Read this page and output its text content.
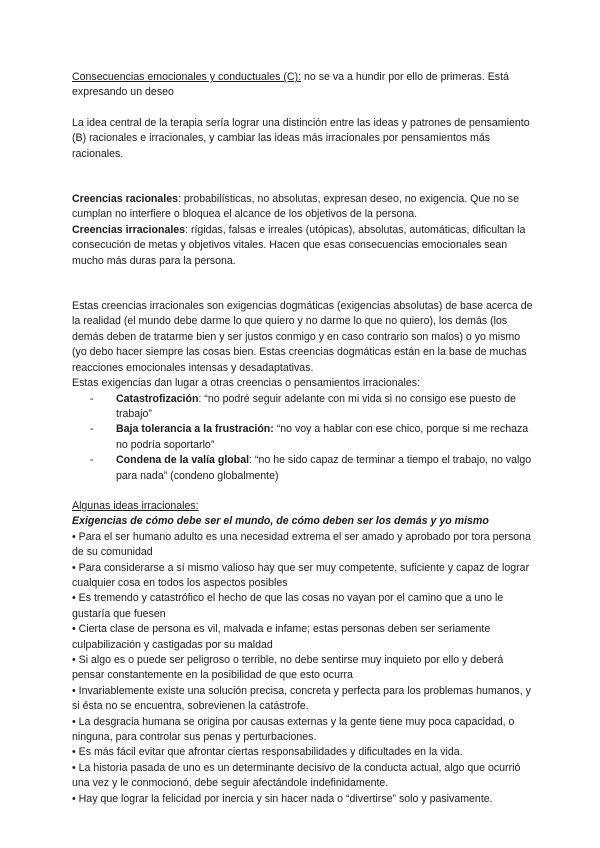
Consecuencias emocionales y conductuales (C): no se va a hundir por ello de primeras. Está expresando un deseo

La idea central de la terapia sería lograr una distinción entre las ideas y patrones de pensamiento (B) racionales e irracionales, y cambiar las ideas más irracionales por pensamientos más racionales.

Creencias racionales: probabilísticas, no absolutas, expresan deseo, no exigencia. Que no se cumplan no interfiere o bloquea el alcance de los objetivos de la persona.

Creencias irracionales: rígidas, falsas e irreales (utópicas), absolutas, automáticas, dificultan la consecución de metas y objetivos vitales. Hacen que esas consecuencias emocionales sean mucho más duras para la persona.

Estas creencias irracionales son exigencias dogmáticas (exigencias absolutas) de base acerca de la realidad (el mundo debe darme lo que quiero y no darme lo que no quiero), los demás (los demás deben de tratarme bien y ser justos conmigo y en caso contrario son malos) o yo mismo (yo debo hacer siempre las cosas bien. Estas creencias dogmáticas están en la base de muchas reacciones emocionales intensas y desadaptativas.

Estas exigencias dan lugar a otras creencias o pensamientos irracionales:

- Catastrofización: “no podré seguir adelante con mi vida si no consigo ese puesto de trabajo”
- Baja tolerancia a la frustración: “no voy a hablar con ese chico, porque si me rechaza no podría soportarlo”
- Condena de la valía global: “no he sido capaz de terminar a tiempo el trabajo, no valgo para nada” (condeno globalmente)

Algunas ideas irracionales:

Exigencias de cómo debe ser el mundo, de cómo deben ser los demás y yo mismo

• Para el ser humano adulto es una necesidad extrema el ser amado y aprobado por tora persona de su comunidad

• Para considerarse a sí mismo valioso hay que ser muy competente, suficiente y capaz de lograr cualquier cosa en todos los aspectos posibles

• Es tremendo y catastrófico el hecho de que las cosas no vayan por el camino que a uno le gustaría que fuesen

• Cierta clase de persona es vil, malvada e infame; estas personas deben ser seriamente culpabilización y castigadas por su maldad

• Si algo es o puede ser peligroso o terrible, no debe sentirse muy inquieto por ello y deberá pensar constantemente en la posibilidad de que esto ocurra

• Invariablemente existe una solución precisa, concreta y perfecta para los problemas humanos, y si ésta no se encuentra, sobrevienen la catástrofe.

• La desgracia humana se origina por causas externas y la gente tiene muy poca capacidad, o ninguna, para controlar sus penas y perturbaciones.

• Es más fácil evitar que afrontar ciertas responsabilidades y dificultades en la vida.

• La historia pasada de uno es un determinante decisivo de la conducta actual, algo que ocurrió una vez y le conmocionó, debe seguir afectándole indefinidamente.

• Hay que lograr la felicidad por inercia y sin hacer nada o “divertirse” solo y pasivamente.
